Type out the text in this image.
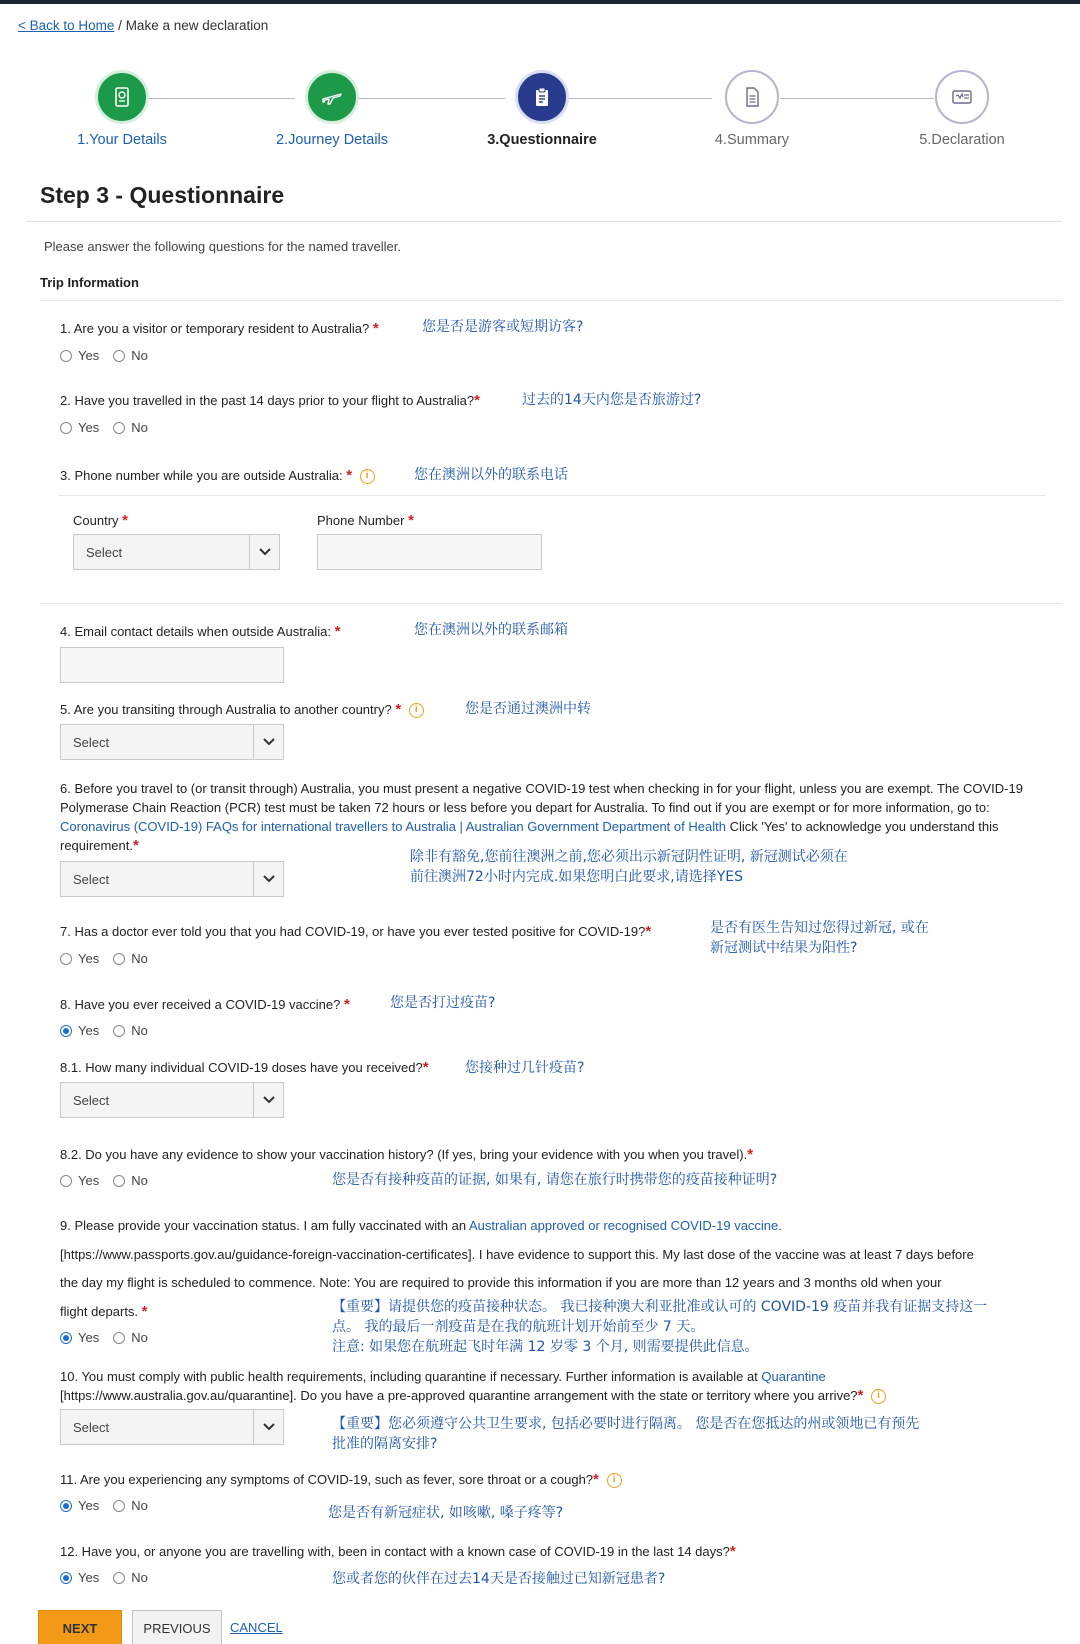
< Back to Home / Make a new declaration
1.Your Details	2.Journey Details	3.Questionnaire	4.Summary	5.Declaration
Step 3 - Questionnaire
Please answer the following questions for the named traveller.
Trip Information
1. Are you a visitor or temporary resident to Australia? *	您是否是游客或短期访客?
Yes No
2. Have you travelled in the past 14 days prior to your flight to Australia?*	过去的14天内您是否旅游过?
Yes No
3. Phone number while you are outside Australia: * i	您在澳洲以外的联系电话
Country *
Select
Phone Number *
4. Email contact details when outside Australia: *	您在澳洲以外的联系邮箱
5. Are you transiting through Australia to another country? * i	您是否通过澳洲中转
Select
6. Before you travel to (or transit through) Australia, you must present a negative COVID-19 test when checking in for your flight, unless you are exempt. The COVID-19 Polymerase Chain Reaction (PCR) test must be taken 72 hours or less before you depart for Australia. To find out if you are exempt or for more information, go to: Coronavirus (COVID-19) FAQs for international travellers to Australia | Australian Government Department of Health Click 'Yes' to acknowledge you understand this requirement.*
除非有豁免,您前往澳洲之前,您必须出示新冠阴性证明, 新冠测试必须在
前往澳洲72小时内完成.如果您明白此要求,请选择YES
Select
7. Has a doctor ever told you that you had COVID-19, or have you ever tested positive for COVID-19?*	是否有医生告知过您得过新冠, 或在
新冠测试中结果为阳性?
Yes No
8. Have you ever received a COVID-19 vaccine? *	您是否打过疫苗?
Yes No
8.1. How many individual COVID-19 doses have you received?*	您接种过几针疫苗?
Select
8.2. Do you have any evidence to show your vaccination history? (If yes, bring your evidence with you when you travel).*
您是否有接种疫苗的证据, 如果有, 请您在旅行时携带您的疫苗接种证明?
Yes No
9. Please provide your vaccination status. I am fully vaccinated with an Australian approved or recognised COVID-19 vaccine.
[https://www.passports.gov.au/guidance-foreign-vaccination-certificates]. I have evidence to support this. My last dose of the vaccine was at least 7 days before
the day my flight is scheduled to commence. Note: You are required to provide this information if you are more than 12 years and 3 months old when your
flight departs. *	【重要】请提供您的疫苗接种状态。 我已接种澳大利亚批准或认可的 COVID-19 疫苗并我有证据支持这一
点。 我的最后一剂疫苗是在我的航班计划开始前至少 7 天。
注意: 如果您在航班起飞时年满 12 岁零 3 个月, 则需要提供此信息。
Yes No
10. You must comply with public health requirements, including quarantine if necessary. Further information is available at Quarantine
[https://www.australia.gov.au/quarantine]. Do you have a pre-approved quarantine arrangement with the state or territory where you arrive?* i
【重要】您必须遵守公共卫生要求, 包括必要时进行隔离。 您是否在您抵达的州或领地已有预先
批准的隔离安排?
Select
11. Are you experiencing any symptoms of COVID-19, such as fever, sore throat or a cough?* i
您是否有新冠症状, 如咳嗽, 嗓子疼等?
Yes No
12. Have you, or anyone you are travelling with, been in contact with a known case of COVID-19 in the last 14 days?*
您或者您的伙伴在过去14天是否接触过已知新冠患者?
Yes No
NEXT	PREVIOUS	CANCEL
